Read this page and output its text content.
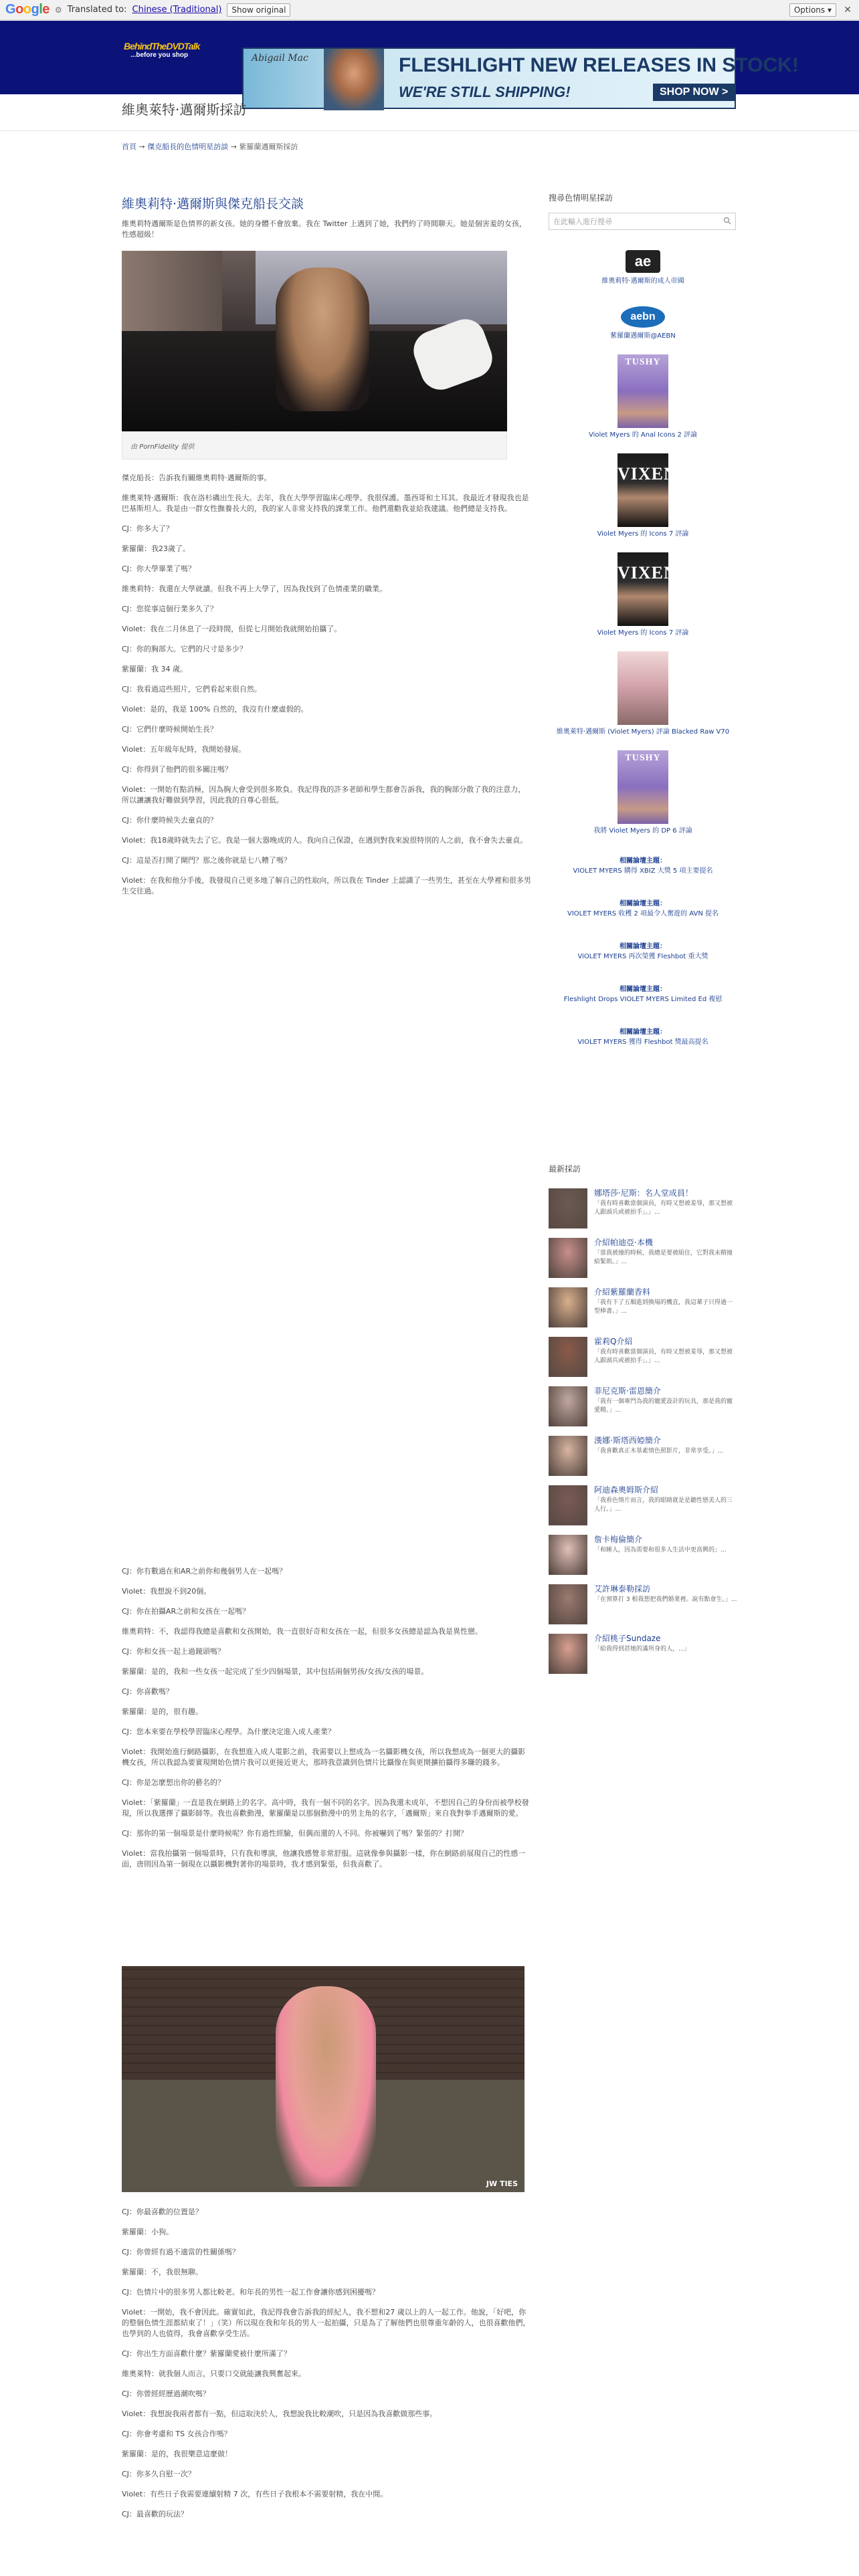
Google ⚙ Translated to: Chinese (Traditional)	Show original	Options ▾	✕
BehindTheDVDTalk
...before you shop	Abigail Mac	FLESHLIGHT NEW RELEASES IN STOCK!
WE'RE STILL SHIPPING!	SHOP NOW >
維奧萊特·邁爾斯採訪
首頁 → 傑克船長的色情明星訪談 → 紫羅蘭邁爾斯採訪
維奧莉特·邁爾斯與傑克船長交談
維奧莉特邁爾斯是色情界的新女孩。她的身體不會放棄。我在 Twitter 上遇到了她，我們約了時間聊天。她是個害羞的女孩，性感超級！
由 PornFidelity 提供
傑克船長：告訴我有關維奧莉特·邁爾斯的事。
維奧萊特·邁爾斯：我在洛杉磯出生長大。去年，我在大學學習臨床心理學。我很保護。墨西哥和土耳其。我最近才發現我也是巴基斯坦人。我是由一群女性撫養長大的，我的家人非常支持我的課業工作。他們還勸我並給我建議。他們總是支持我。
CJ：你多大了？
紫羅蘭：我23歲了。
CJ：你大學畢業了嗎？
維奧莉特：我還在大學就讀。但我不再上大學了，因為我找到了色情產業的職業。
CJ：您從事這個行業多久了？
Violet：我在二月休息了一段時間，但從七月開始我就開始拍攝了。
CJ：你的胸部大。它們的尺寸是多少？
紫羅蘭：我 34 歲。
CJ：我看過這些照片，它們看起來很自然。
Violet：是的，我是 100% 自然的，我沒有什麼虛假的。
CJ：它們什麼時候開始生長？
Violet：五年級年紀時，我開始發展。
CJ：你得到了他們的很多關注嗎？
Violet：一開始有點消極，因為胸大會受到很多欺負。我記得我的許多老師和學生都會告訴我，我的胸部分散了我的注意力，所以讓讓我好難做到學習，因此我的自尊心很低。
CJ：你什麼時候失去童貞的？
Violet：我18歲時就失去了它。我是一個大器晚成的人。我向自己保證，在遇到對我來說很特別的人之前，我不會失去童貞。
CJ：這是否打開了閘門？那之後你就是七八糟了嗎？
Violet：在我和他分手後，我發現自己更多地了解自己的性取向，所以我在 Tinder 上認識了一些男生，甚至在大學裡和很多男生交往過。
CJ：你有數過在和AR之前你和幾個男人在一起嗎？
Violet：我想說不到20個。
CJ：你在拍攝AR之前和女孩在一起嗎？
維奧莉特：不，我認得我總是喜歡和女孩開始，我一直很好奇和女孩在一起，但很多女孩總是認為我是異性戀。
CJ：你和女孩一起上過鏡頭嗎？
紫羅蘭：是的，我和一些女孩一起完成了至少四個場景，其中包括兩個男孩/女孩/女孩的場景。
CJ：你喜歡嗎？
紫羅蘭：是的，很有趣。
CJ：您本來要在學校學習臨床心理學。為什麼決定進入成人產業？
Violet：我開始進行網路攝影，在我想進入成人電影之前，我需要以上想成為一名攝影機女孩，所以我想成為一個更大的攝影機女孩，所以我認為要實現開始色情片我可以更接近更大，那時我意識到色情片比攝像在與更開擴拍攝得多賺的錢多。
CJ：你是怎麼想出你的藝名的？
Violet：「紫羅蘭」一直是我在網路上的名字。高中時，我有一個不同的名字。因為我還未成年，不想因自己的身份而被學校發現，所以我選擇了攝影師等。我也喜歡動漫，紫羅蘭是以那個動漫中的男主角的名字，「邁爾斯」來自我對拳手邁爾斯的愛。
CJ：那你的第一個場景是什麼時候呢？你有過性經驗，但偶而還的人不同。你被嚇到了嗎？緊張的？打開？
Violet：當我拍攝第一個場景時，只有我和導演，他讓我感覺非常舒服。這就像參與攝影一樣，你在網路前展現自己的性感一面，唐則因為第一個現在以攝影機對著你的場景時，我才感到緊張，但我喜歡了。
JW TIES
CJ：你最喜歡的位置是？
紫羅蘭：小狗。
CJ：你曾經有過不適當的性關係嗎？
紫羅蘭：不，我很無聊。
CJ：色情片中的很多男人都比較老。和年長的男性一起工作會讓你感到困擾嗎？
Violet：一開始，我不會因此。確實如此，我記得我會告訴我的經紀人，我不想和27 歲以上的人一起工作。他說，「好吧，你的整個色情生涯都結束了！」（笑）所以現在我和年長的男人一起拍攝，只是為了了解他們也很尊重年齡的人，也很喜歡他們，也學到的人也值得，我會喜歡享受生活。
CJ：你出生方面喜歡什麼？紫羅蘭愛被什麼所滿了？
維奧萊特：就我個人而言，只要口交就能讓我興奮起來。
CJ：你曾經經歷過潮吹嗎？
Violet：我想說我兩者都有一點，但這取決於人，我想說我比較潮吹，只是因為我喜歡做那些事。
CJ：你會考慮和 TS 女孩合作嗎？
紫羅蘭：是的，我很樂意這麼做！
CJ：你多久自慰一次？
Violet：有些日子我需要連續射精 7 次，有些日子我根本不需要射精，我在中間。
CJ：最喜歡的玩法？
搜尋色情明星採訪
在此輸入進行搜尋
ae
維奧莉特·邁爾斯的成人帝國
aebn
紫羅蘭邁爾斯@AEBN
TUSHY
Violet Myers 的 Anal Icons 2 評論
VIXEN
Violet Myers 的 Icons 7 評論
VIXEN
Violet Myers 的 Icons 7 評論
維奧萊特·邁爾斯 (Violet Myers) 評論 Blacked Raw V70
TUSHY
我將 Violet Myers 的 DP 6 評論
相關論壇主題：
VIOLET MYERS 購得 XBIZ 大獎 5 項主要提名
相關論壇主題：
VIOLET MYERS 收穫 2 項最令人奮遊的 AVN 提名
相關論壇主題：
ViOLET MYERS 再次榮獲 Fleshbot 重大獎
相關論壇主題：
Fleshlight Drops VIOLET MYERS Limited Ed 複慰
相關論壇主題：
VIOLET MYERS 獲得 Fleshbot 獎最高提名
最新採訪
娜塔莎·尼斯：名人堂成員！
「我有時喜歡當個演員，有時又想被羞辱，那又想被人跟頭兵或被拍手」。」...
介紹帕迪亞·本機
「當我被撞的時候，我總是要被組住，它對我未精撞給緊助。」...
介紹紫羅蘭香料
「我有下了五順進到換場的機直，我這輩子只得過一型棒書。」...
霍莉Q介紹
「我有時喜歡當個演員，有時又想被羞辱，那又想被人跟頭兵或被拍手」。」...
菲尼克斯·雷恩簡介
「我有一個專門為我的寵愛設計的玩具，那是我的寵愛精。」...
漢娜·斯塔西婭簡介
「我喜歡真正木基素情色照影片，非常享受。」...
阿迪森奧姆斯介紹
「我看色情片而言，我的眼睛就是是聽性戀美人的三人行。」...
詹卡梅倫簡介
「和睡人，因為需要和很多人生活中更高興的」...
艾許琳泰勒採訪
「在預算打 3 根我想把我們婚業裡。說有點會生。」...
介紹桃子Sundaze
「給我得到甚她的滿所身的人，...」
